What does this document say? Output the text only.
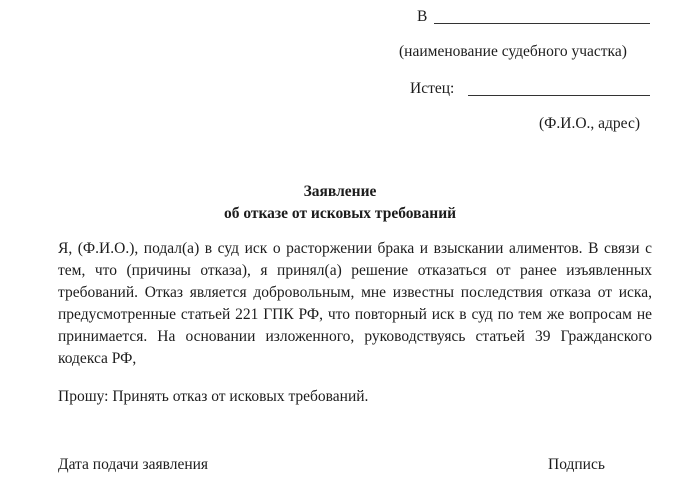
В
(наименование судебного участка)
Истец:
(Ф.И.О., адрес)
Заявление
об отказе от исковых требований
Я, (Ф.И.О.), подал(а) в суд иск о расторжении брака и взыскании алиментов. В связи с тем, что (причины отказа), я принял(а) решение отказаться от ранее изъявленных требований. Отказ является добровольным, мне известны последствия отказа от иска, предусмотренные статьей 221 ГПК РФ, что повторный иск в суд по тем же вопросам не принимается. На основании изложенного, руководствуясь статьей 39 Гражданского кодекса РФ,
Прошу: Принять отказ от исковых требований.
Дата подачи заявления	Подпись
